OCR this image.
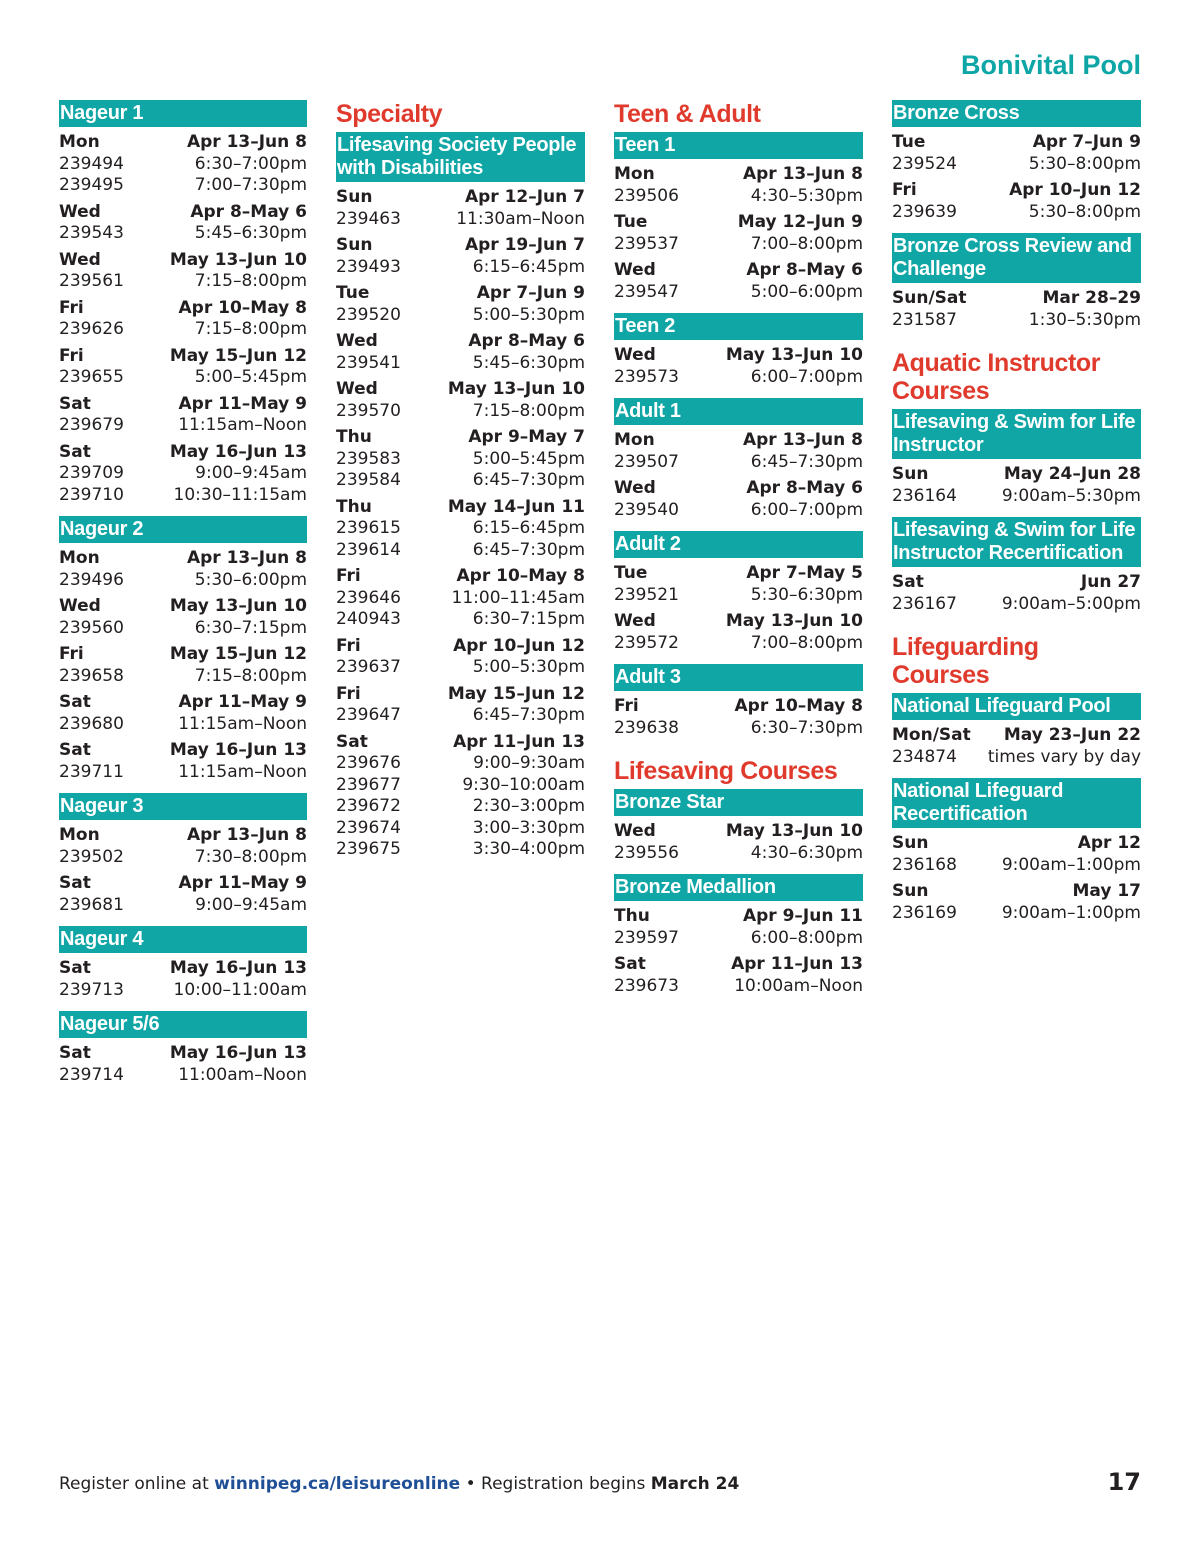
Bonivital Pool
Nageur 1
Mon	Apr 13–Jun 8
239494	6:30–7:00pm
239495	7:00–7:30pm
Wed	Apr 8–May 6
239543	5:45–6:30pm
Wed	May 13–Jun 10
239561	7:15–8:00pm
Fri	Apr 10–May 8
239626	7:15–8:00pm
Fri	May 15–Jun 12
239655	5:00–5:45pm
Sat	Apr 11–May 9
239679	11:15am–Noon
Sat	May 16–Jun 13
239709	9:00–9:45am
239710	10:30–11:15am
Nageur 2
Mon	Apr 13–Jun 8
239496	5:30–6:00pm
Wed	May 13–Jun 10
239560	6:30–7:15pm
Fri	May 15–Jun 12
239658	7:15–8:00pm
Sat	Apr 11–May 9
239680	11:15am–Noon
Sat	May 16–Jun 13
239711	11:15am–Noon
Nageur 3
Mon	Apr 13–Jun 8
239502	7:30–8:00pm
Sat	Apr 11–May 9
239681	9:00–9:45am
Nageur 4
Sat	May 16–Jun 13
239713	10:00–11:00am
Nageur 5/6
Sat	May 16–Jun 13
239714	11:00am–Noon
Specialty
Lifesaving Society People with Disabilities
Sun	Apr 12–Jun 7
239463	11:30am–Noon
Sun	Apr 19–Jun 7
239493	6:15–6:45pm
Tue	Apr 7–Jun 9
239520	5:00–5:30pm
Wed	Apr 8–May 6
239541	5:45–6:30pm
Wed	May 13–Jun 10
239570	7:15–8:00pm
Thu	Apr 9–May 7
239583	5:00–5:45pm
239584	6:45–7:30pm
Thu	May 14–Jun 11
239615	6:15–6:45pm
239614	6:45–7:30pm
Fri	Apr 10–May 8
239646	11:00–11:45am
240943	6:30–7:15pm
Fri	Apr 10–Jun 12
239637	5:00–5:30pm
Fri	May 15–Jun 12
239647	6:45–7:30pm
Sat	Apr 11–Jun 13
239676	9:00–9:30am
239677	9:30–10:00am
239672	2:30–3:00pm
239674	3:00–3:30pm
239675	3:30–4:00pm
Teen & Adult
Teen 1
Mon	Apr 13–Jun 8
239506	4:30–5:30pm
Tue	May 12–Jun 9
239537	7:00–8:00pm
Wed	Apr 8–May 6
239547	5:00–6:00pm
Teen 2
Wed	May 13–Jun 10
239573	6:00–7:00pm
Adult 1
Mon	Apr 13–Jun 8
239507	6:45–7:30pm
Wed	Apr 8–May 6
239540	6:00–7:00pm
Adult 2
Tue	Apr 7–May 5
239521	5:30–6:30pm
Wed	May 13–Jun 10
239572	7:00–8:00pm
Adult 3
Fri	Apr 10–May 8
239638	6:30–7:30pm
Lifesaving Courses
Bronze Star
Wed	May 13–Jun 10
239556	4:30–6:30pm
Bronze Medallion
Thu	Apr 9–Jun 11
239597	6:00–8:00pm
Sat	Apr 11–Jun 13
239673	10:00am–Noon
Bronze Cross
Tue	Apr 7–Jun 9
239524	5:30–8:00pm
Fri	Apr 10–Jun 12
239639	5:30–8:00pm
Bronze Cross Review and Challenge
Sun/Sat	Mar 28–29
231587	1:30–5:30pm
Aquatic Instructor Courses
Lifesaving & Swim for Life Instructor
Sun	May 24–Jun 28
236164	9:00am–5:30pm
Lifesaving & Swim for Life Instructor Recertification
Sat	Jun 27
236167	9:00am–5:00pm
Lifeguarding Courses
National Lifeguard Pool
Mon/Sat May 23–Jun 22
234874 times vary by day
National Lifeguard Recertification
Sun	Apr 12
236168	9:00am–1:00pm
Sun	May 17
236169	9:00am–1:00pm
Register online at winnipeg.ca/leisureonline • Registration begins March 24	17
